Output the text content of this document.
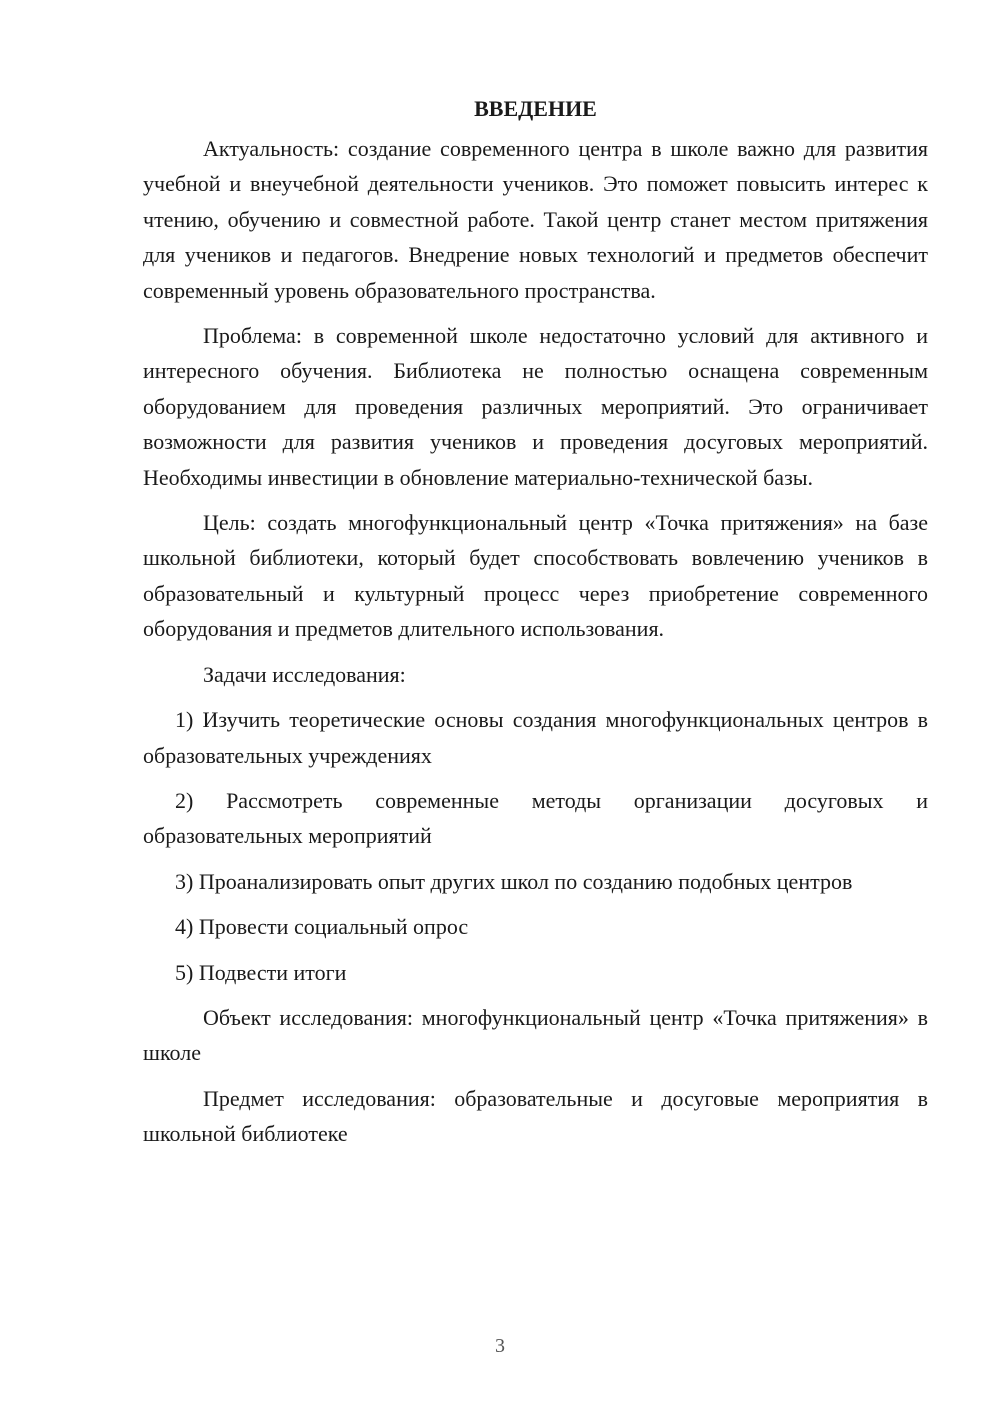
ВВЕДЕНИЕ

Актуальность: создание современного центра в школе важно для развития учебной и внеучебной деятельности учеников. Это поможет повысить интерес к чтению, обучению и совместной работе. Такой центр станет местом притяжения для учеников и педагогов. Внедрение новых технологий и предметов обеспечит современный уровень образовательного пространства.

Проблема: в современной школе недостаточно условий для активного и интересного обучения. Библиотека не полностью оснащена современным оборудованием для проведения различных мероприятий. Это ограничивает возможности для развития учеников и проведения досуговых мероприятий. Необходимы инвестиции в обновление материально-технической базы.

Цель: создать многофункциональный центр «Точка притяжения» на базе школьной библиотеки, который будет способствовать вовлечению учеников в образовательный и культурный процесс через приобретение современного оборудования и предметов длительного использования.

Задачи исследования:

1) Изучить теоретические основы создания многофункциональных центров в образовательных учреждениях

2) Рассмотреть современные методы организации досуговых и образовательных мероприятий

3) Проанализировать опыт других школ по созданию подобных центров

4) Провести социальный опрос

5) Подвести итоги

Объект исследования: многофункциональный центр «Точка притяжения» в школе

Предмет исследования: образовательные и досуговые мероприятия в школьной библиотеке

3
